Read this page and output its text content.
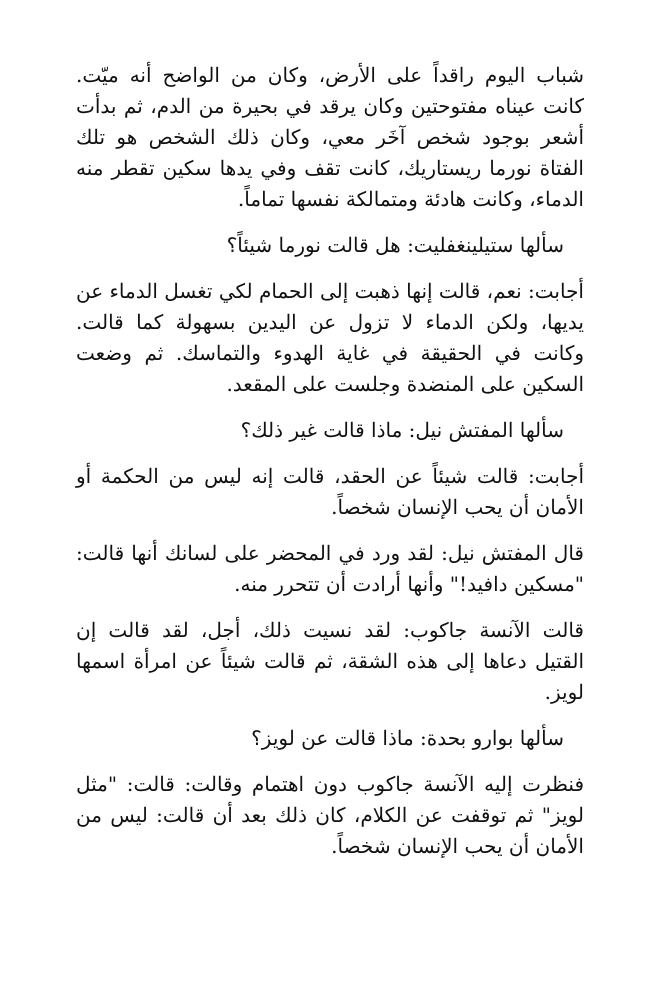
شباب اليوم راقداً على الأرض، وكان من الواضح أنه ميّت. كانت عيناه مفتوحتين وكان يرقد في بحيرة من الدم، ثم بدأت أشعر بوجود شخص آخَر معي، وكان ذلك الشخص هو تلك الفتاة نورما ريستاريك، كانت تقف وفي يدها سكين تقطر منه الدماء، وكانت هادئة ومتمالكة نفسها تماماً.

سألها ستيلينغفليت: هل قالت نورما شيئاً؟

أجابت: نعم، قالت إنها ذهبت إلى الحمام لكي تغسل الدماء عن يديها، ولكن الدماء لا تزول عن اليدين بسهولة كما قالت. وكانت في الحقيقة في غاية الهدوء والتماسك. ثم وضعت السكين على المنضدة وجلست على المقعد.

سألها المفتش نيل: ماذا قالت غير ذلك؟

أجابت: قالت شيئاً عن الحقد، قالت إنه ليس من الحكمة أو الأمان أن يحب الإنسان شخصاً.

قال المفتش نيل: لقد ورد في المحضر على لسانك أنها قالت: "مسكين دافيد!" وأنها أرادت أن تتحرر منه.

قالت الآنسة جاكوب: لقد نسيت ذلك، أجل، لقد قالت إن القتيل دعاها إلى هذه الشقة، ثم قالت شيئاً عن امرأة اسمها لويز.

سألها بوارو بحدة: ماذا قالت عن لويز؟

فنظرت إليه الآنسة جاكوب دون اهتمام وقالت: قالت: "مثل لويز" ثم توقفت عن الكلام، كان ذلك بعد أن قالت: ليس من الأمان أن يحب الإنسان شخصاً.
